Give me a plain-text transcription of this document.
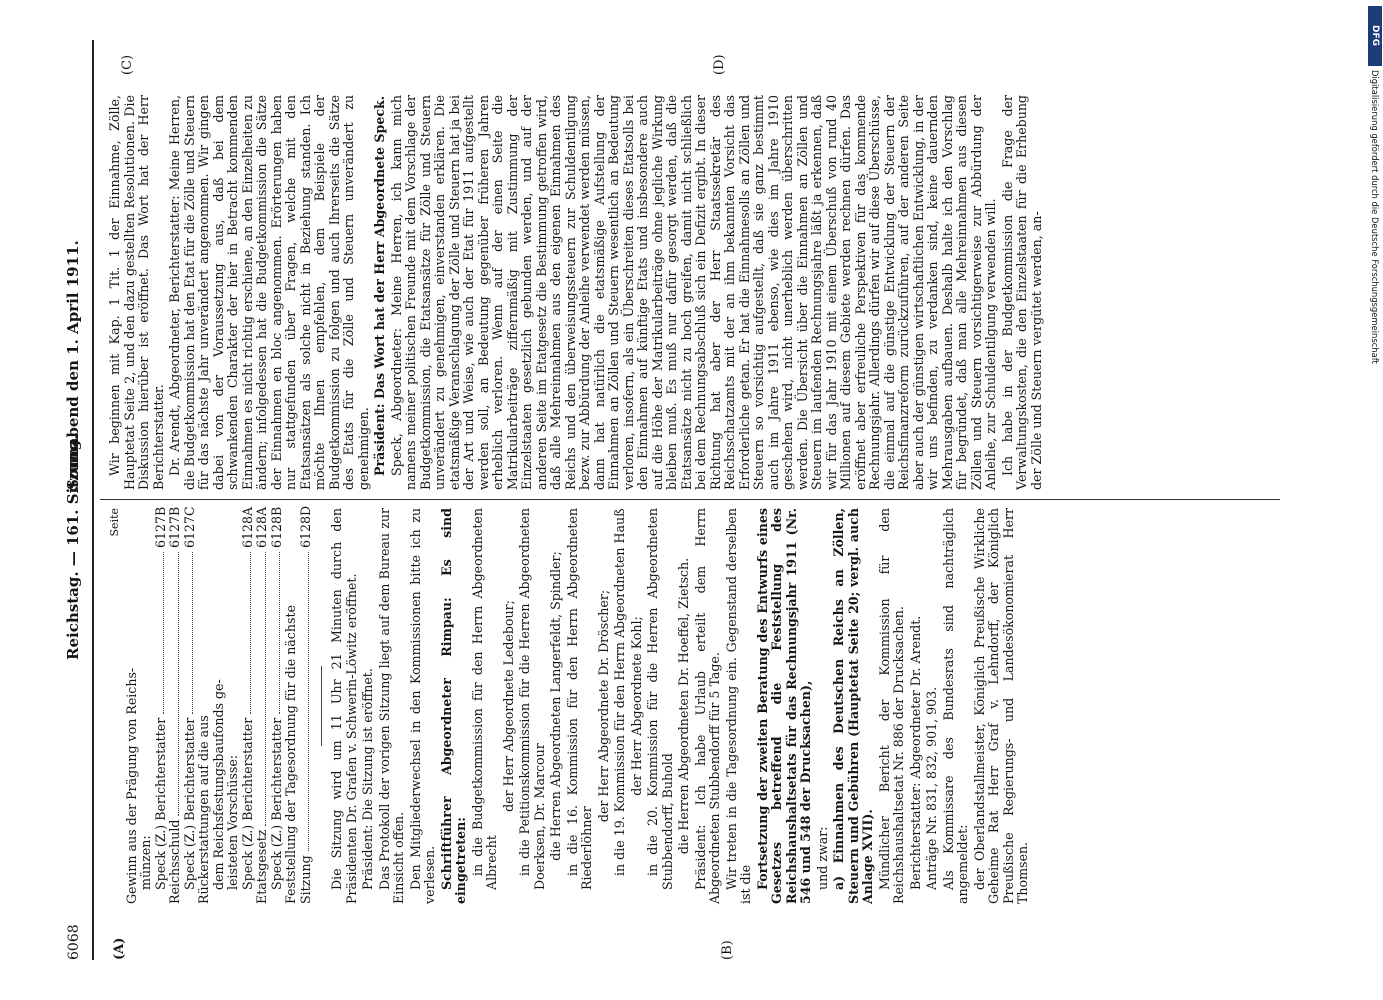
6068
Reichstag. — 161. Sitzung.
Sonnabend den 1. April 1911.
(A)	(B)
(C)	(D)
Seite
Gewinn aus der Prägung von Reichs- münzen: Speck (Z.) Berichterstatter
6127B
Reichsschuld
6127B
Speck (Z.) Berichterstatter
6127C
Rückerstattungen auf die aus dem Reichsfestungsbaufonds ge- leisteten Vorschüsse: Speck (Z.) Berichterstatter
6128A
Etatsgesetz
6128A
Speck (Z.) Berichterstatter
6128B
Feststellung der Tagesordnung für die nächste Sitzung
6128D Die Sitzung wird um 11 Uhr 21 Minuten durch den Präsidenten Dr. Grafen v. Schwerin-Löwitz eröffnet. Präsident: Die Sitzung ist eröffnet. Das Protokoll der vorigen Sitzung liegt auf dem Bureau zur Einsicht offen. Den Mitgliederwechsel in den Kommissionen bitte ich zu verlesen. Schriftführer Abgeordneter Rimpau: Es sind eingetreten: in die Budgetkommission für den Herrn Abgeordneten Albrecht

der Herr Abgeordnete Ledebour; in die Petitionskommission für die Herren Abgeordneten Doerksen, Dr. Marcour die Herren Abgeordneten Langerfeldt, Spindler; in die 16. Kommission für den Herrn Abgeordneten Riederlöhner

der Herr Abgeordnete Dr. Dröscher; in die 19. Kommission für den Herrn Abgeordneten Hauß der Herr Abgeordnete Kohl; in die 20. Kommission für die Herren Abgeordneten Stubbendorff, Buhold die Herren Abgeordneten Dr. Hoeffel, Zietsch. Präsident: Ich habe Urlaub erteilt dem Herrn Abgeordneten Stubbendorff für 5 Tage. Wir treten in die Tagesordnung ein. Gegenstand derselben ist die Fortsetzung der zweiten Beratung des Entwurfs eines Gesetzes betreffend die Feststellung des Reichshaushaltsetats für das Rechnungsjahr 1911 (Nr. 546 und 548 der Drucksachen), und zwar: a) Einnahmen des Deutschen Reichs an Zöllen, Steuern und Gebühren (Hauptetat Seite 20; vergl. auch Anlage XVII). Mündlicher Bericht der Kommission für den Reichshaushaltsetat Nr. 886 der Drucksachen. Berichterstatter: Abgeordneter Dr. Arendt. Anträge Nr. 831, 832, 901, 903. Als Kommissare des Bundesrats sind nachträglich angemeldet: der Oberlandstallmeister, Königlich Preußische Wirkliche Geheime Rat Herr Graf v. Lehndorff, der Königlich Preußische Regierungs- und Landesökonomierat Herr Thomsen.

Wir beginnen mit Kap. 1 Tit. 1 der Einnahme, Zölle, Hauptetat Seite 2, und den dazu gestellten Resolutionen. Die Diskussion hierüber ist eröffnet. Das Wort hat der Herr Berichterstatter. Dr. Arendt, Abgeordneter, Berichterstatter: Meine Herren, die Budgetkommission hat den Etat für die Zölle und Steuern für das nächste Jahr unverändert angenommen. Wir gingen dabei von der Voraussetzung aus, daß bei dem schwankenden Charakter der hier in Betracht kommenden Einnahmen es nicht richtig erschiene, an den Einzelheiten zu ändern; infolgedessen hat die Budgetkommission die Sätze der Einnahmen en bloc angenommen. Erörterungen haben nur stattgefunden über Fragen, welche mit den Etatsansätzen als solche nicht in Beziehung standen. Ich möchte Ihnen empfehlen, dem Beispiele der Budgetkommission zu folgen und auch Ihrerseits die Sätze des Etats für die Zölle und Steuern unverändert zu genehmigen. Präsident: Das Wort hat der Herr Abgeordnete Speck. Speck, Abgeordneter: Meine Herren, ich kann mich namens meiner politischen Freunde mit dem Vorschlage der Budgetkommission, die Etatsansätze für Zölle und Steuern unverändert zu genehmigen, einverstanden erklären. Die etatsmäßige Veranschlagung der Zölle und Steuern hat ja bei der Art und Weise, wie auch der Etat für 1911 aufgestellt werden soll, an Bedeutung gegenüber früheren Jahren erheblich verloren. Wenn auf der einen Seite die Matrikularbeiträge ziffernmäßig mit Zustimmung der Einzelstaaten gesetzlich gebunden werden, und auf der anderen Seite im Etatgesetz die Bestimmung getroffen wird, daß alle Mehreinnahmen aus den eigenen Einnahmen des Reichs und den überweisungssteuern zur Schuldentilgung bezw. zur Abbürdung der Anleihe verwendet werden müssen, dann hat natürlich die etatsmäßige Aufstellung der Einnahmen an Zöllen und Steuern wesentlich an Bedeutung verloren, insofern, als ein Überschreiten dieses Etatsolls bei den Einnahmen auf künftige Etats und insbesondere auch auf die Höhe der Matrikularbeiträge ohne jegliche Wirkung bleiben muß. Es muß nur dafür gesorgt werden, daß die Etatsansätze nicht zu hoch greifen, damit nicht schließlich bei dem Rechnungsabschluß sich ein Defizit ergibt. In dieser Richtung hat aber der Herr Staatssekretär des Reichsschatzamts mit der an ihm bekannten Vorsicht das Erforderliche getan. Er hat die Einnahmesolls an Zöllen und Steuern so vorsichtig aufgestellt, daß sie ganz bestimmt auch im Jahre 1911 ebenso, wie dies im Jahre 1910 geschehen wird, nicht unerheblich werden überschritten werden. Die Übersicht über die Einnahmen an Zöllen und Steuern im laufenden Rechnungsjahre läßt ja erkennen, daß wir für das Jahr 1910 mit einem Überschuß von rund 40 Millionen auf diesem Gebiete werden rechnen dürfen. Das eröffnet aber erfreuliche Perspektiven für das kommende Rechnungsjahr. Allerdings dürfen wir auf diese Überschüsse, die einmal auf die günstige Entwicklung der Steuern der Reichsfinanzreform zurückzuführen, auf der anderen Seite aber auch der günstigen wirtschaftlichen Entwicklung, in der wir uns befinden, zu verdanken sind, keine dauernden Mehrausgaben aufbauen. Deshalb halte ich den Vorschlag für begründet, daß man alle Mehreinnahmen aus diesen Zöllen und Steuern vorsichtigerweise zur Abbürdung der Anleihe, zur Schuldentilgung verwenden will. Ich habe in der Budgetkommission die Frage der Verwaltungskosten, die den Einzelstaaten für die Erhebung der Zölle und Steuern vergütet werden, an-

DFG
Digitalisierung gefördert durch die Deutsche Forschungsgemeinschaft
